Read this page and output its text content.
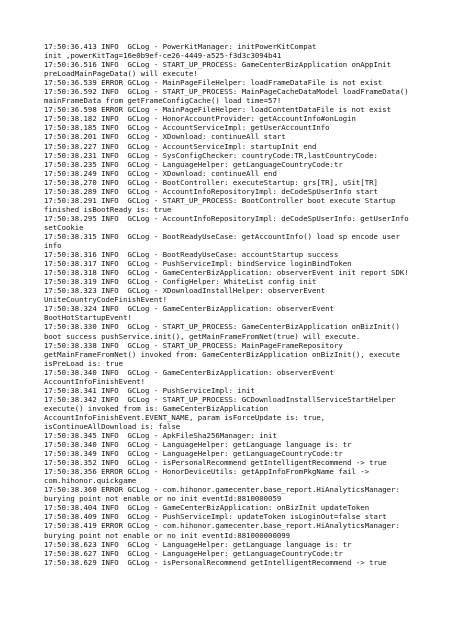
17:50:36.413 INFO  GCLog - PowerKitManager: initPowerKitCompat
init ,powerKitTag=16e0b9ef-ce26-4449-a525-f3d3c3094b41
17:50:36.516 INFO  GCLog - START_UP_PROCESS: GameCenterBizApplication onAppInit
preLoadMainPageData() will execute!
17:50:36.539 ERROR GCLog - MainPageFileHelper: loadFrameDataFile is not exist
17:50:36.592 INFO  GCLog - START_UP_PROCESS: MainPageCacheDataModel loadFrameData()
mainFrameData from getFrameConfigCache() load time=57!
17:50:36.598 ERROR GCLog - MainPageFileHelper: loadContentDataFile is not exist
17:50:38.182 INFO  GCLog - HonorAccountProvider: getAccountInfo#onLogin
17:50:38.185 INFO  GCLog - AccountServiceImpl: getUserAccountInfo
17:50:38.201 INFO  GCLog - XDownload: continueAll start
17:50:38.227 INFO  GCLog - AccountServiceImpl: startupInit end
17:50:38.231 INFO  GCLog - SysConfigChecker: countryCode:TR,lastCountryCode:
17:50:38.235 INFO  GCLog - LanguageHelper: getLanguageCountryCode:tr
17:50:38.249 INFO  GCLog - XDownload: continueAll end
17:50:38.270 INFO  GCLog - BootController: executeStartup: grs[TR], uSit[TR]
17:50:38.289 INFO  GCLog - AccountInfoRepositoryImpl: deCodeSpUserInfo start
17:50:38.291 INFO  GCLog - START_UP_PROCESS: BootController boot execute Startup
finished isBootReady is: true
17:50:38.295 INFO  GCLog - AccountInfoRepositoryImpl: deCodeSpUserInfo: getUserInfo
setCookie
17:50:38.315 INFO  GCLog - BootReadyUseCase: getAccountInfo() load sp encode user
info
17:50:38.316 INFO  GCLog - BootReadyUseCase: accountStartup success
17:50:38.317 INFO  GCLog - PushServiceImpl: bindService loginBindToken
17:50:38.318 INFO  GCLog - GameCenterBizApplication: observerEvent init report SDK!
17:50:38.319 INFO  GCLog - ConfigHelper: WhiteList config init
17:50:38.323 INFO  GCLog - XDownloadInstallHelper: observerEvent
UniteCountryCodeFinishEvent!
17:50:38.324 INFO  GCLog - GameCenterBizApplication: observerEvent
BootHotStartupEvent!
17:50:38.330 INFO  GCLog - START_UP_PROCESS: GameCenterBizApplication onBizInit()
boot success pushService.init(), getMainFrameFromNet(true) will execute.
17:50:38.338 INFO  GCLog - START_UP_PROCESS: MainPageFrameRepository
getMainFrameFromNet() invoked from: GameCenterBizApplication onBizInit(), execute
isPreLoad is: true
17:50:38.340 INFO  GCLog - GameCenterBizApplication: observerEvent
AccountInfoFinishEvent!
17:50:38.341 INFO  GCLog - PushServiceImpl: init
17:50:38.342 INFO  GCLog - START_UP_PROCESS: GCDownloadInstallServiceStartHelper
execute() invoked from is: GameCenterBizApplication
AccountInfoFinishEvent.EVENT_NAME, param isForceUpdate is: true,
isContinueAllDownload is: false
17:50:38.345 INFO  GCLog - ApkFileSha256Manager: init
17:50:38.340 INFO  GCLog - LanguageHelper: getLanguage language is: tr
17:50:38.349 INFO  GCLog - LanguageHelper: getLanguageCountryCode:tr
17:50:38.352 INFO  GCLog - isPersonalRecommend getIntelligentRecommend -> true
17:50:38.356 ERROR GCLog - HonorDeviceUtils: getAppInfoFromPkgName fail ->
com.hihonor.quickgame
17:50:38.360 ERROR GCLog - com.hihonor.gamecenter.base_report.HiAnalyticsManager:
burying point not enable or no init eventId:8810000059
17:50:38.404 INFO  GCLog - GameCenterBizApplication: onBizInit updateToken
17:50:38.409 INFO  GCLog - PushServiceImpl: updateToken isLoginOut=false start
17:50:38.419 ERROR GCLog - com.hihonor.gamecenter.base_report.HiAnalyticsManager:
burying point not enable or no init eventId:881000000099
17:50:38.623 INFO  GCLog - LanguageHelper: getLanguage language is: tr
17:50:38.627 INFO  GCLog - LanguageHelper: getLanguageCountryCode:tr
17:50:38.629 INFO  GCLog - isPersonalRecommend getIntelligentRecommend -> true
